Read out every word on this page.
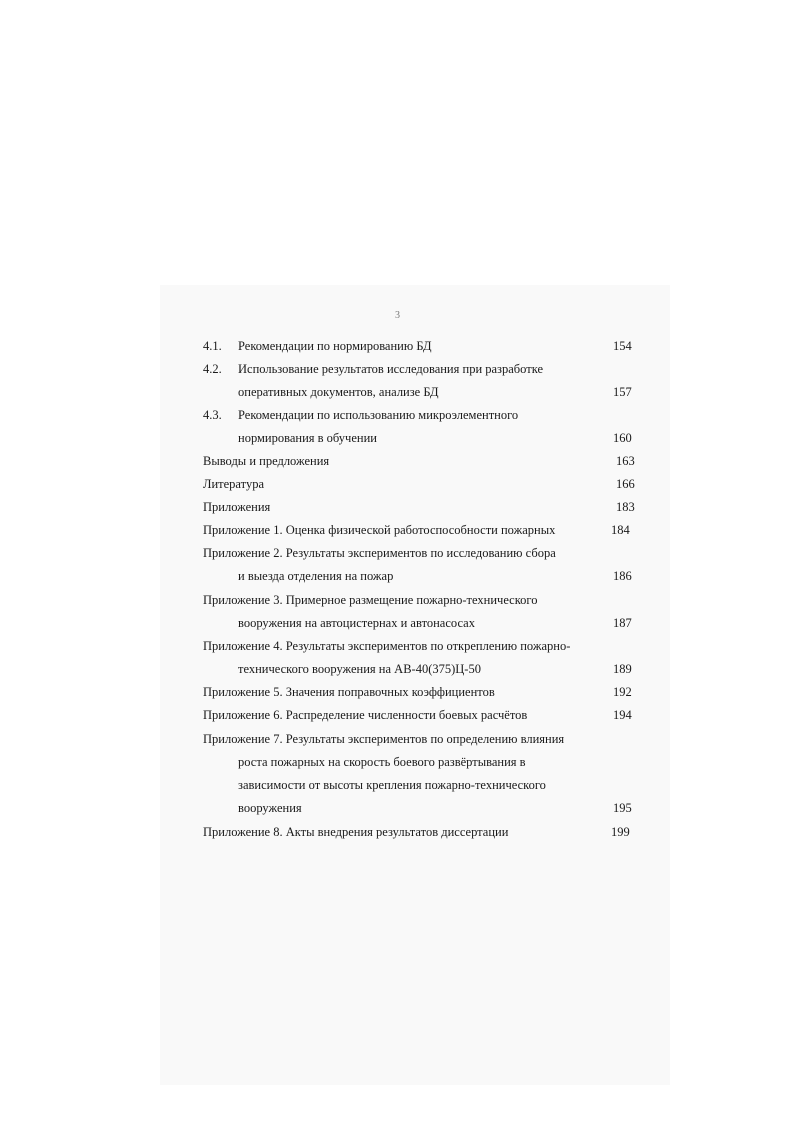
3
4.1. Рекомендации по нормированию БД	154
4.2. Использование результатов исследования при разработке
оперативных документов, анализе БД	157
4.3. Рекомендации по использованию микроэлементного
нормирования в обучении	160
Выводы и предложения	163
Литература	166
Приложения	183
Приложение 1. Оценка физической работоспособности пожарных	184
Приложение 2. Результаты экспериментов по исследованию сбора
и выезда отделения на пожар	186
Приложение 3. Примерное размещение пожарно-технического
вооружения на автоцистернах и автонасосах	187
Приложение 4. Результаты экспериментов по откреплению пожарно-
технического вооружения на АВ-40(375)Ц-50	189
Приложение 5. Значения поправочных коэффициентов	192
Приложение 6. Распределение численности боевых расчётов	194
Приложение 7. Результаты экспериментов по определению влияния
роста пожарных на скорость боевого развёртывания в
зависимости от высоты крепления пожарно-технического
вооружения	195
Приложение 8. Акты внедрения результатов диссертации	199
